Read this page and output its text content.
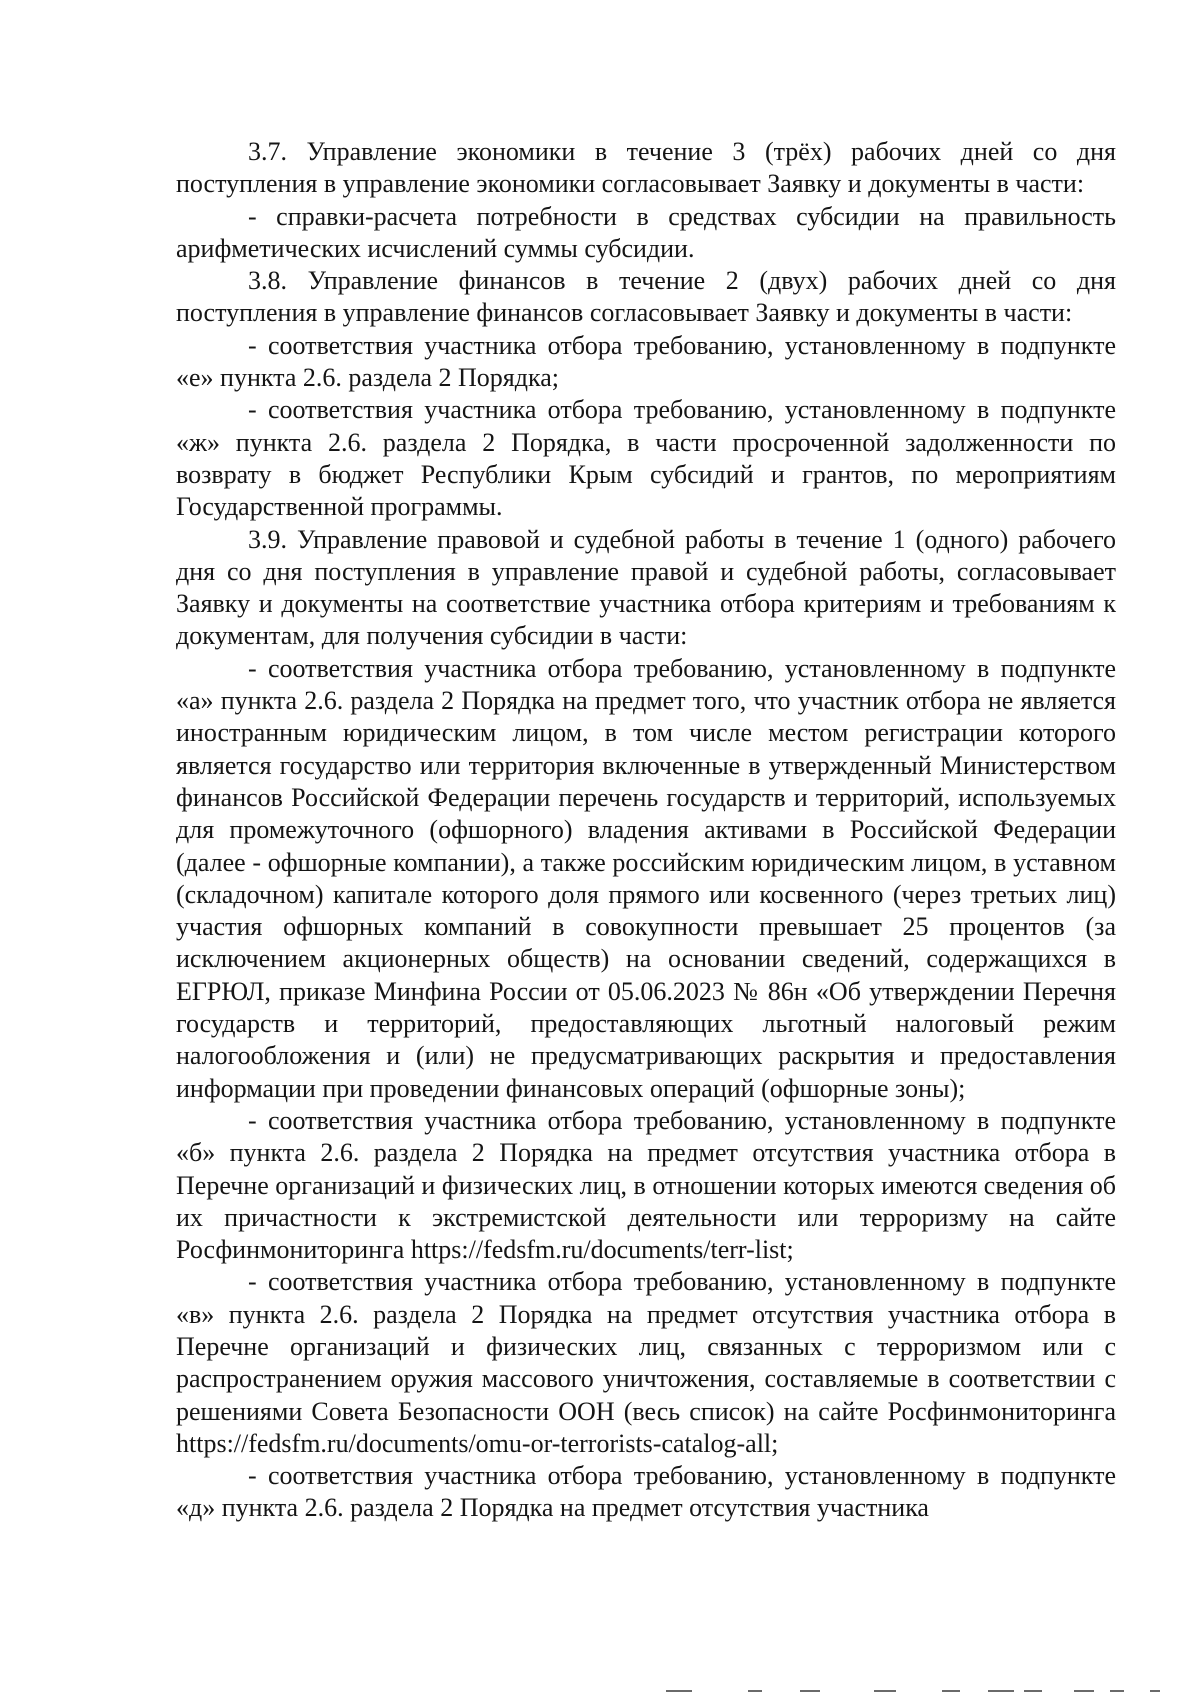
3.7. Управление экономики в течение 3 (трёх) рабочих дней со дня поступления в управление экономики согласовывает Заявку и документы в части:

- справки-расчета потребности в средствах субсидии на правильность арифметических исчислений суммы субсидии.

3.8. Управление финансов в течение 2 (двух) рабочих дней со дня поступления в управление финансов согласовывает Заявку и документы в части:

- соответствия участника отбора требованию, установленному в подпункте «е» пункта 2.6. раздела 2 Порядка;

- соответствия участника отбора требованию, установленному в подпункте «ж» пункта 2.6. раздела 2 Порядка, в части просроченной задолженности по возврату в бюджет Республики Крым субсидий и грантов, по мероприятиям Государственной программы.

3.9. Управление правовой и судебной работы в течение 1 (одного) рабочего дня со дня поступления в управление правой и судебной работы, согласовывает Заявку и документы на соответствие участника отбора критериям и требованиям к документам, для получения субсидии в части:

- соответствия участника отбора требованию, установленному в подпункте «а» пункта 2.6. раздела 2 Порядка на предмет того, что участник отбора не является иностранным юридическим лицом, в том числе местом регистрации которого является государство или территория включенные в утвержденный Министерством финансов Российской Федерации перечень государств и территорий, используемых для промежуточного (офшорного) владения активами в Российской Федерации (далее - офшорные компании), а также российским юридическим лицом, в уставном (складочном) капитале которого доля прямого или косвенного (через третьих лиц) участия офшорных компаний в совокупности превышает 25 процентов (за исключением акционерных обществ) на основании сведений, содержащихся в ЕГРЮЛ, приказе Минфина России от 05.06.2023 № 86н «Об утверждении Перечня государств и территорий, предоставляющих льготный налоговый режим налогообложения и (или) не предусматривающих раскрытия и предоставления информации при проведении финансовых операций (офшорные зоны);

- соответствия участника отбора требованию, установленному в подпункте «б» пункта 2.6. раздела 2 Порядка на предмет отсутствия участника отбора в Перечне организаций и физических лиц, в отношении которых имеются сведения об их причастности к экстремистской деятельности или терроризму на сайте Росфинмониторинга https://fedsfm.ru/documents/terr-list;

- соответствия участника отбора требованию, установленному в подпункте «в» пункта 2.6. раздела 2 Порядка на предмет отсутствия участника отбора в Перечне организаций и физических лиц, связанных с терроризмом или с распространением оружия массового уничтожения, составляемые в соответствии с решениями Совета Безопасности ООН (весь список) на сайте Росфинмониторинга https://fedsfm.ru/documents/omu-or-terrorists-catalog-all;

- соответствия участника отбора требованию, установленному в подпункте «д» пункта 2.6. раздела 2 Порядка на предмет отсутствия участника
